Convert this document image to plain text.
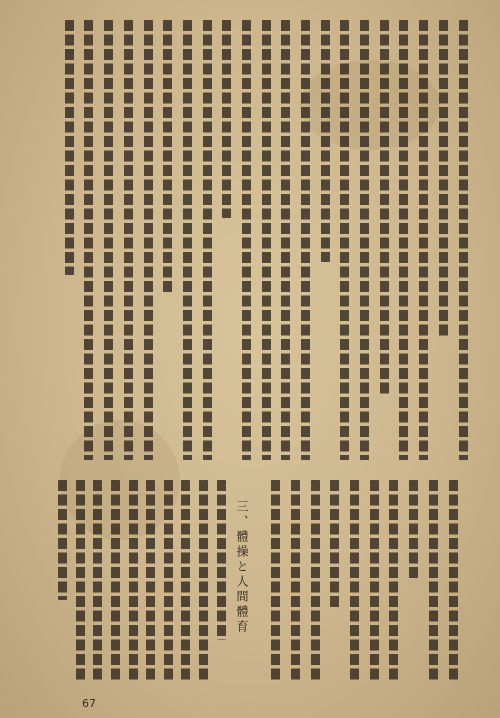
三、體操と人間體育
67
